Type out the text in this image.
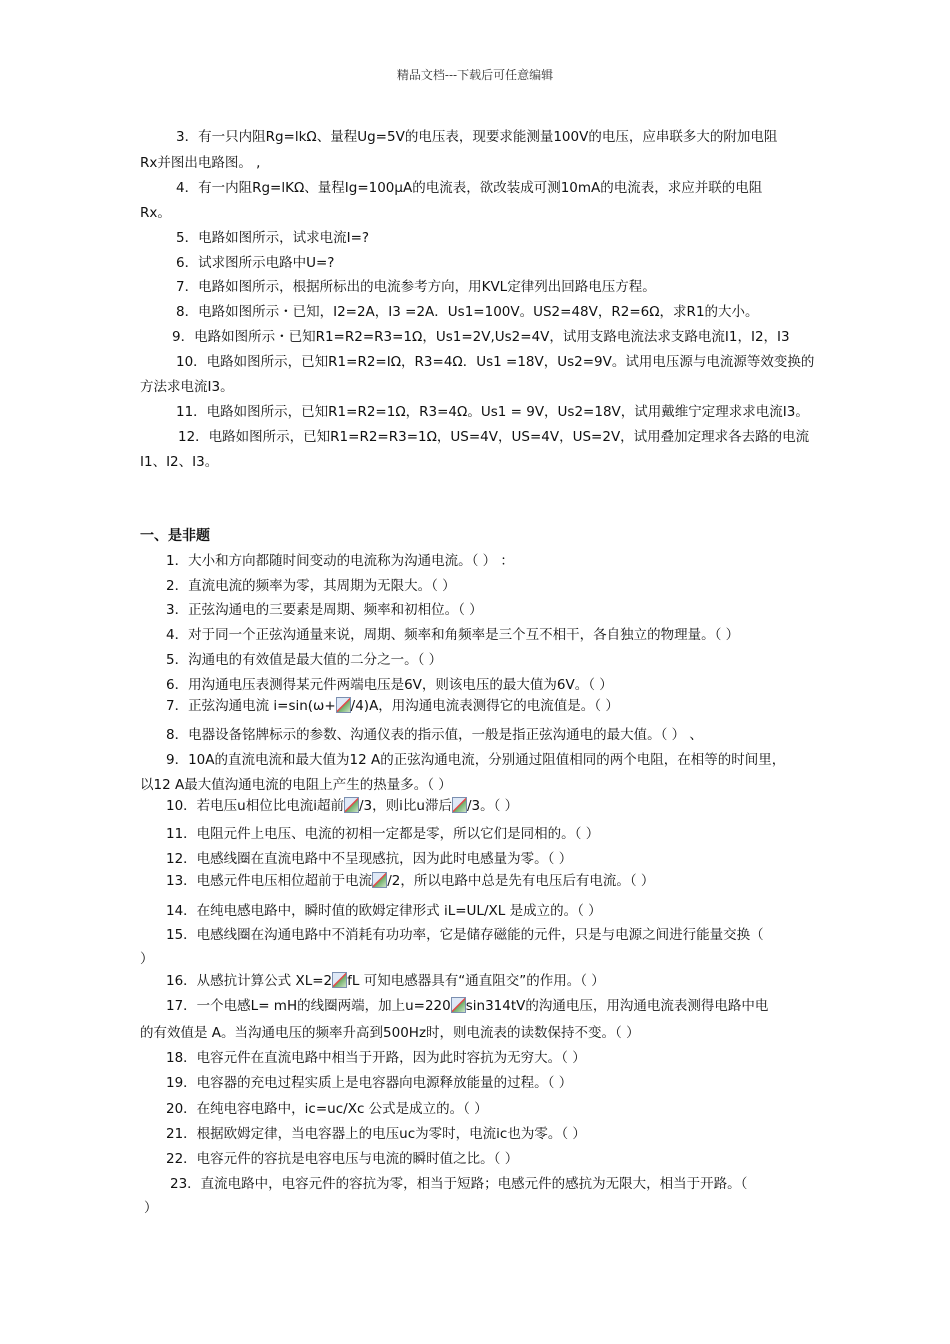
精品文档---下载后可任意编辑
3．有一只内阻Rg=lkΩ、量程Ug=5V的电压表，现要求能测量100V的电压，应串联多大的附加电阻
Rx并图出电路图。 ,
4．有一内阻Rg=lKΩ、量程Ig=100μA的电流表，欲改装成可测10mA的电流表，求应并联的电阻
Rx。
5．电路如图所示，试求电流I=?
6．试求图所示电路中U=?
7．电路如图所示，根据所标出的电流参考方向，用KVL定律列出回路电压方程。
8．电路如图所示・已知，I2=2A，I3 =2A．Us1=100V。US2=48V，R2=6Ω，求R1的大小。
9．电路如图所示・已知R1=R2=R3=1Ω，Us1=2V,Us2=4V，试用支路电流法求支路电流I1，I2，I3
10．电路如图所示，已知R1=R2=IΩ，R3=4Ω．Us1 =18V，Us2=9V。试用电压源与电流源等效变换的
方法求电流I3。
11．电路如图所示，已知R1=R2=1Ω，R3=4Ω。Us1 = 9V，Us2=18V，试用戴维宁定理求求电流I3。
12．电路如图所示，已知R1=R2=R3=1Ω，US=4V，US=4V，US=2V，试用叠加定理求各去路的电流
I1、I2、I3。
一、是非题
1．大小和方向都随时间变动的电流称为沟通电流。（ ） ：
2．直流电流的频率为零，其周期为无限大。（ ）
3．正弦沟通电的三要素是周期、频率和初相位。（ ）
4．对于同一个正弦沟通量来说，周期、频率和角频率是三个互不相干，各自独立的物理量。（ ）
5．沟通电的有效值是最大值的二分之一。（ ）
6．用沟通电压表测得某元件两端电压是6V，则该电压的最大值为6V。（ ）
7．正弦沟通电流 i=sin(ω+ /4)A，用沟通电流表测得它的电流值是。（ ）
8．电器设备铭牌标示的参数、沟通仪表的指示值，一般是指正弦沟通电的最大值。（ ） 、
9．10A的直流电流和最大值为12 A的正弦沟通电流，分别通过阻值相同的两个电阻，在相等的时间里，
以12 A最大值沟通电流的电阻上产生的热量多。（ ）
10．若电压u相位比电流i超前 /3，则i比u滞后 /3。（ ）
11．电阻元件上电压、电流的初相一定都是零，所以它们是同相的。（ ）
12．电感线圈在直流电路中不呈现感抗，因为此时电感量为零。（ ）
13．电感元件电压相位超前于电流 /2，所以电路中总是先有电压后有电流。（ ）
14．在纯电感电路中，瞬时值的欧姆定律形式 iL=UL/XL 是成立的。（ ）
15．电感线圈在沟通电路中不消耗有功功率，它是储存磁能的元件，只是与电源之间进行能量交换（
）
16．从感抗计算公式 XL=2 fL 可知电感器具有“通直阻交”的作用。（ ）
17．一个电感L= mH的线圈两端，加上u=220 sin314tV的沟通电压，用沟通电流表测得电路中电
的有效值是 A。当沟通电压的频率升高到500Hz时，则电流表的读数保持不变。（ ）
18．电容元件在直流电路中相当于开路，因为此时容抗为无穷大。（ ）
19．电容器的充电过程实质上是电容器向电源释放能量的过程。（ ）
20．在纯电容电路中，ic=uc/Xc 公式是成立的。（ ）
21．根据欧姆定律，当电容器上的电压uc为零时，电流ic也为零。（ ）
22．电容元件的容抗是电容电压与电流的瞬时值之比。（ ）
23．直流电路中，电容元件的容抗为零，相当于短路；电感元件的感抗为无限大，相当于开路。（
）
